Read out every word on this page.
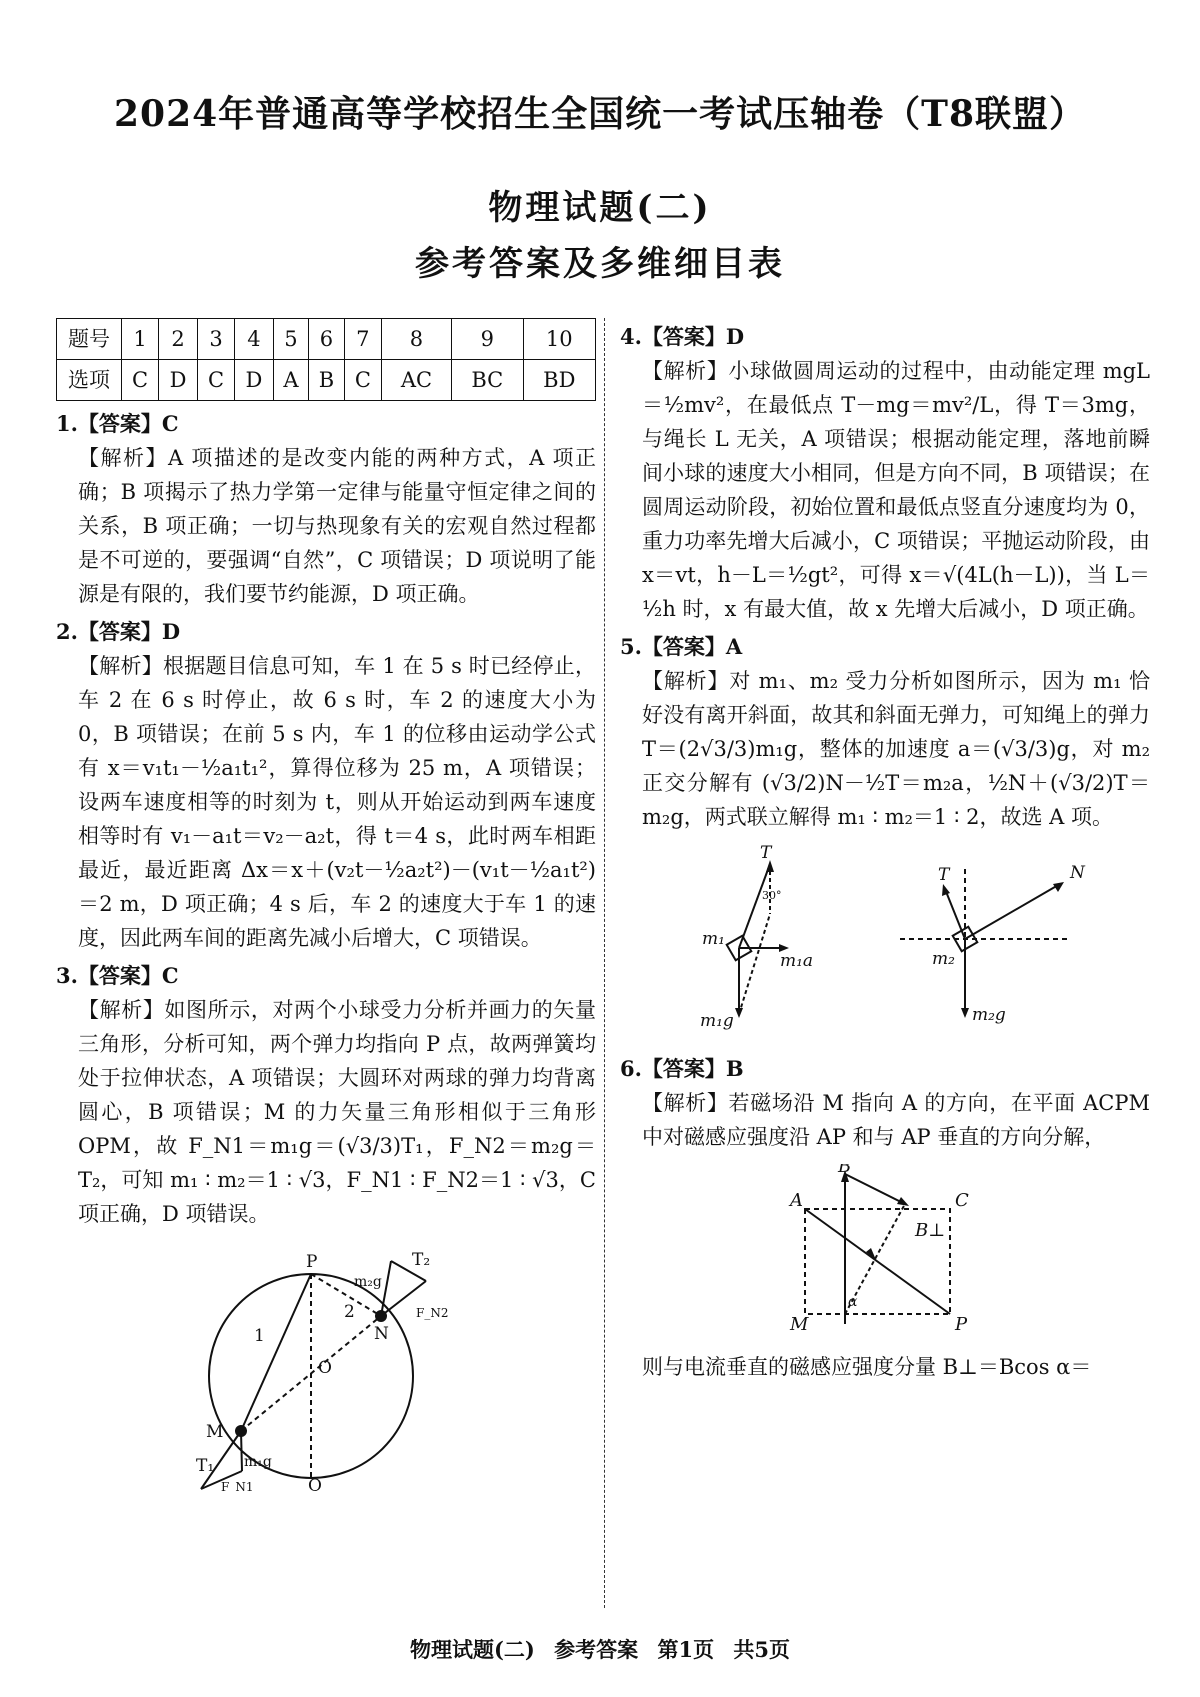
2024年普通高等学校招生全国统一考试压轴卷（T8联盟）
物理试题(二)
参考答案及多维细目表
题号	1	2	3	4	5	6	7	8	9	10
选项	C	D	C	D	A	B	C	AC	BC	BD
1.【答案】C
【解析】A 项描述的是改变内能的两种方式，A 项正确；B 项揭示了热力学第一定律与能量守恒定律之间的关系，B 项正确；一切与热现象有关的宏观自然过程都是不可逆的，要强调“自然”，C 项错误；D 项说明了能源是有限的，我们要节约能源，D 项正确。
2.【答案】D
【解析】根据题目信息可知，车 1 在 5 s 时已经停止，车 2 在 6 s 时停止，故 6 s 时，车 2 的速度大小为 0，B 项错误；在前 5 s 内，车 1 的位移由运动学公式有 x＝v₁t₁－½a₁t₁²，算得位移为 25 m，A 项错误；设两车速度相等的时刻为 t，则从开始运动到两车速度相等时有 v₁－a₁t＝v₂－a₂t，得 t＝4 s，此时两车相距最近，最近距离 Δx＝x＋(v₂t－½a₂t²)－(v₁t－½a₁t²)＝2 m，D 项正确；4 s 后，车 2 的速度大于车 1 的速度，因此两车间的距离先减小后增大，C 项错误。
3.【答案】C
【解析】如图所示，对两个小球受力分析并画力的矢量三角形，分析可知，两个弹力均指向 P 点，故两弹簧均处于拉伸状态，A 项错误；大圆环对两球的弹力均背离圆心，B 项错误；M 的力矢量三角形相似于三角形 OPM，故 F_N1＝m₁g＝(√3/3)T₁，F_N2＝m₂g＝T₂，可知 m₁ ∶ m₂＝1 ∶ √3，F_N1 ∶ F_N2＝1 ∶ √3，C 项正确，D 项错误。
P
Q
O
M
N
1
2
T₂
m₂g
F_N2
T₁ m₁g
F_N1
4.【答案】D
【解析】小球做圆周运动的过程中，由动能定理 mgL＝½mv²，在最低点 T－mg＝mv²/L，得 T＝3mg，与绳长 L 无关，A 项错误；根据动能定理，落地前瞬间小球的速度大小相同，但是方向不同，B 项错误；在圆周运动阶段，初始位置和最低点竖直分速度均为 0，重力功率先增大后减小，C 项错误；平抛运动阶段，由 x＝vt，h－L＝½gt²，可得 x＝√(4L(h－L))，当 L＝½h 时，x 有最大值，故 x 先增大后减小，D 项正确。
5.【答案】A
【解析】对 m₁、m₂ 受力分析如图所示，因为 m₁ 恰好没有离开斜面，故其和斜面无弹力，可知绳上的弹力 T＝(2√3/3)m₁g，整体的加速度 a＝(√3/3)g，对 m₂ 正交分解有 (√3/2)N－½T＝m₂a，½N＋(√3/2)T＝m₂g，两式联立解得 m₁ ∶ m₂＝1 ∶ 2，故选 A 项。
T
30°
m₁
m₁a
m₁g
T	N
m₂
m₂g
6.【答案】B
【解析】若磁场沿 M 指向 A 的方向，在平面 ACPM 中对磁感应强度沿 AP 和与 AP 垂直的方向分解，
B
A	C
M	P
B⊥
α
则与电流垂直的磁感应强度分量 B⊥＝Bcos α＝
物理试题(二) 参考答案 第1页 共5页
